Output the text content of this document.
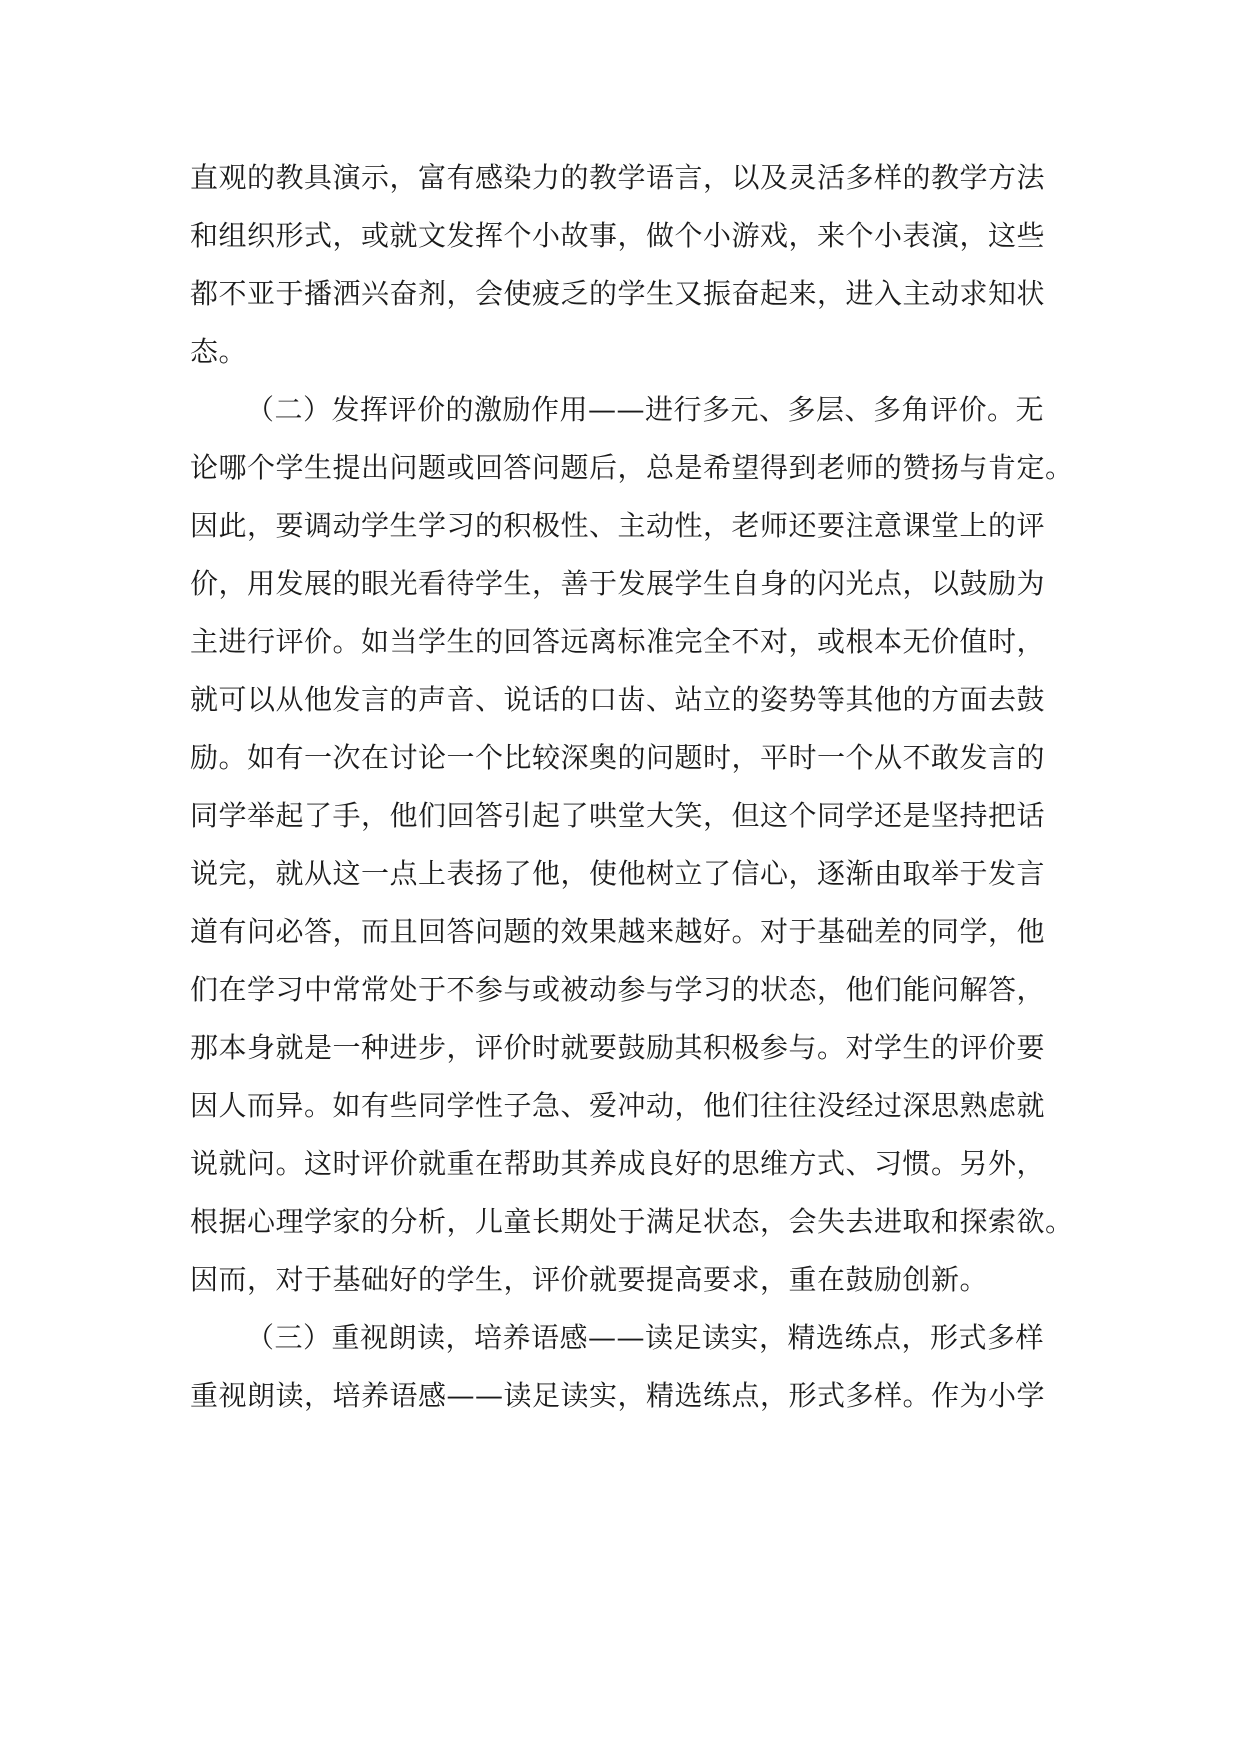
直观的教具演示，富有感染力的教学语言，以及灵活多样的教学方法
和组织形式，或就文发挥个小故事，做个小游戏，来个小表演，这些
都不亚于播洒兴奋剂，会使疲乏的学生又振奋起来，进入主动求知状
态。
（二）发挥评价的激励作用——进行多元、多层、多角评价。无
论哪个学生提出问题或回答问题后，总是希望得到老师的赞扬与肯定。
因此，要调动学生学习的积极性、主动性，老师还要注意课堂上的评
价，用发展的眼光看待学生，善于发展学生自身的闪光点，以鼓励为
主进行评价。如当学生的回答远离标准完全不对，或根本无价值时，
就可以从他发言的声音、说话的口齿、站立的姿势等其他的方面去鼓
励。如有一次在讨论一个比较深奥的问题时，平时一个从不敢发言的
同学举起了手，他们回答引起了哄堂大笑，但这个同学还是坚持把话
说完，就从这一点上表扬了他，使他树立了信心，逐渐由取举于发言
道有问必答，而且回答问题的效果越来越好。对于基础差的同学，他
们在学习中常常处于不参与或被动参与学习的状态，他们能问解答，
那本身就是一种进步，评价时就要鼓励其积极参与。对学生的评价要
因人而异。如有些同学性子急、爱冲动，他们往往没经过深思熟虑就
说就问。这时评价就重在帮助其养成良好的思维方式、习惯。另外，
根据心理学家的分析，儿童长期处于满足状态，会失去进取和探索欲。
因而，对于基础好的学生，评价就要提高要求，重在鼓励创新。
（三）重视朗读，培养语感——读足读实，精选练点，形式多样
重视朗读，培养语感——读足读实，精选练点，形式多样。作为小学
